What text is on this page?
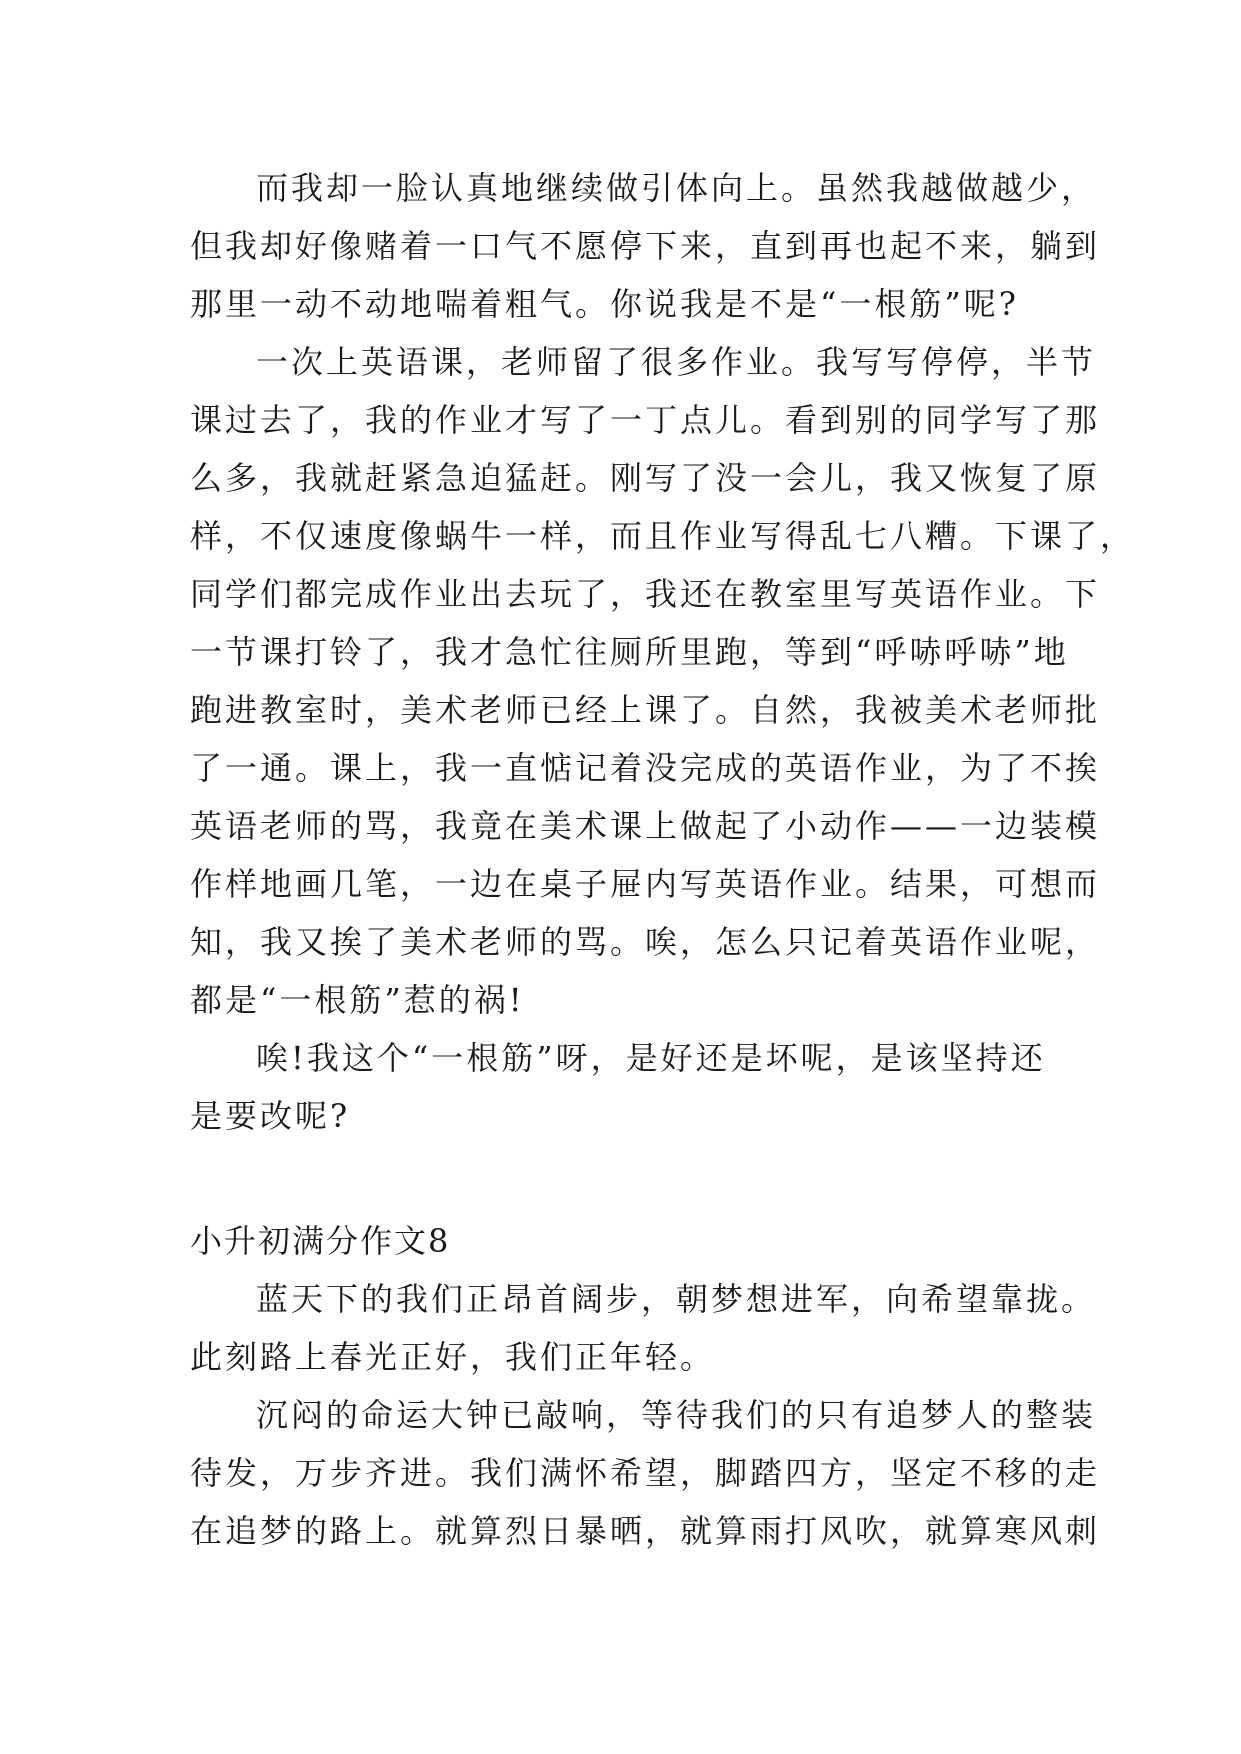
而我却一脸认真地继续做引体向上。虽然我越做越少，
但我却好像赌着一口气不愿停下来，直到再也起不来，躺到
那里一动不动地喘着粗气。你说我是不是“一根筋”呢?
一次上英语课，老师留了很多作业。我写写停停，半节
课过去了，我的作业才写了一丁点儿。看到别的同学写了那
么多，我就赶紧急迫猛赶。刚写了没一会儿，我又恢复了原
样，不仅速度像蜗牛一样，而且作业写得乱七八糟。下课了，
同学们都完成作业出去玩了，我还在教室里写英语作业。下
一节课打铃了，我才急忙往厕所里跑，等到“呼哧呼哧”地
跑进教室时，美术老师已经上课了。自然，我被美术老师批
了一通。课上，我一直惦记着没完成的英语作业，为了不挨
英语老师的骂，我竟在美术课上做起了小动作——一边装模
作样地画几笔，一边在桌子屉内写英语作业。结果，可想而
知，我又挨了美术老师的骂。唉，怎么只记着英语作业呢，
都是“一根筋”惹的祸!
唉!我这个“一根筋”呀，是好还是坏呢，是该坚持还
是要改呢?
小升初满分作文8
蓝天下的我们正昂首阔步，朝梦想进军，向希望靠拢。
此刻路上春光正好，我们正年轻。
沉闷的命运大钟已敲响，等待我们的只有追梦人的整装
待发，万步齐进。我们满怀希望，脚踏四方，坚定不移的走
在追梦的路上。就算烈日暴晒，就算雨打风吹，就算寒风刺
